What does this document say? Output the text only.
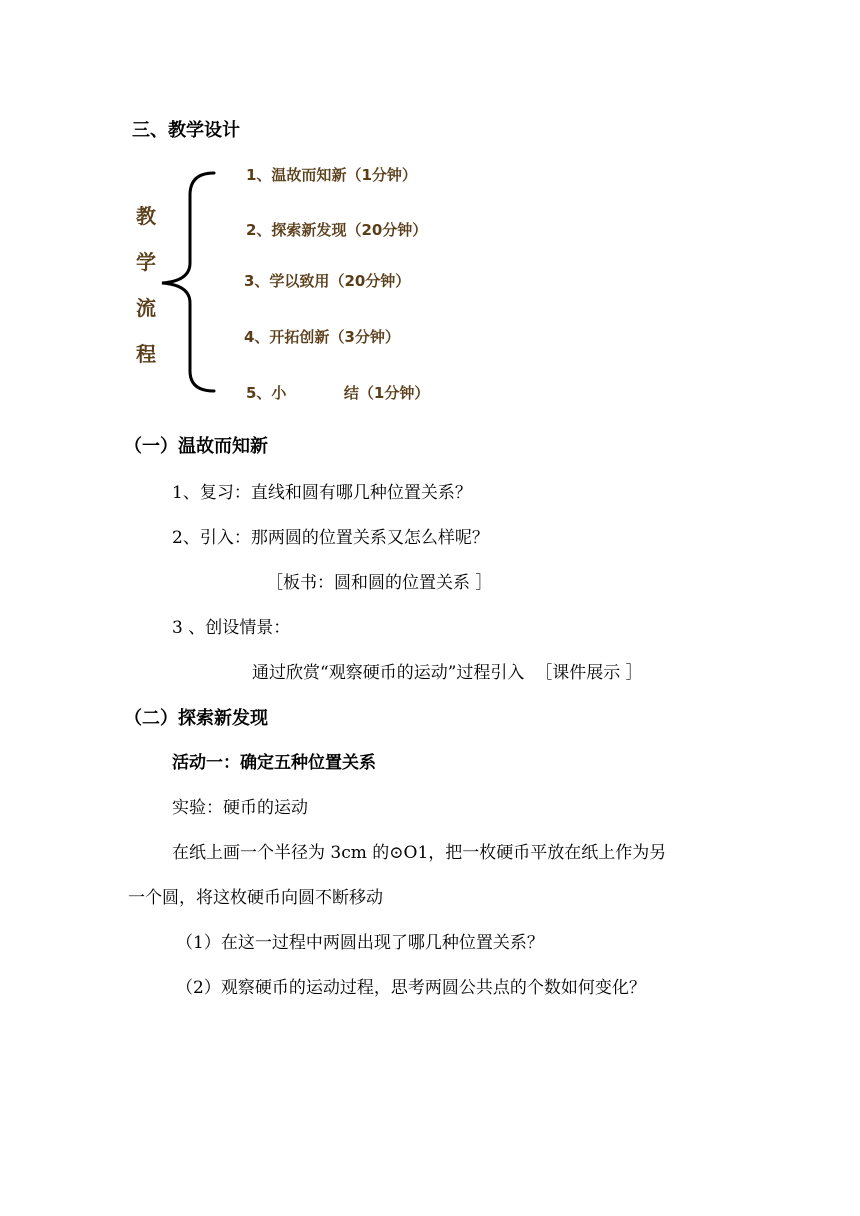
三、教学设计
教
学
流
程
1、温故而知新（1分钟）
2、探索新发现（20分钟）
3、学以致用（20分钟）
4、开拓创新（3分钟）
5、小           结（1分钟）
（一）温故而知新
1、复习：直线和圆有哪几种位置关系？
2、引入：那两圆的位置关系又怎么样呢？
［板书：圆和圆的位置关系 ］
3 、创设情景：
通过欣赏“观察硬币的运动”过程引入  ［课件展示 ］
（二）探索新发现
活动一：确定五种位置关系
实验：硬币的运动
在纸上画一个半径为 3cm 的⊙O1，把一枚硬币平放在纸上作为另
一个圆，将这枚硬币向圆不断移动
（1）在这一过程中两圆出现了哪几种位置关系？
（2）观察硬币的运动过程，思考两圆公共点的个数如何变化？
